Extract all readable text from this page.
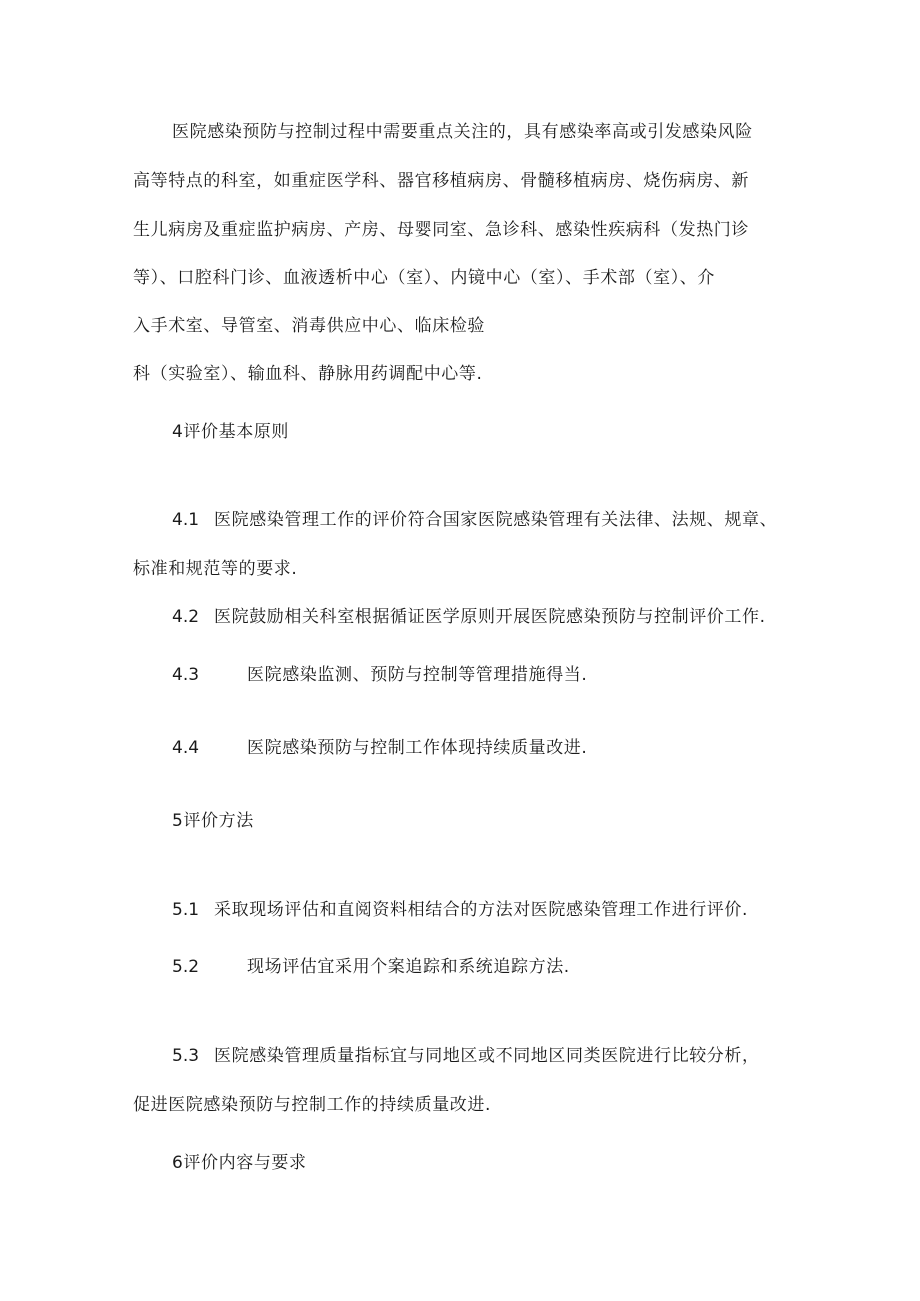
医院感染预防与控制过程中需要重点关注的，具有感染率高或引发感染风险
高等特点的科室，如重症医学科、器官移植病房、骨髓移植病房、烧伤病房、新
生儿病房及重症监护病房、产房、母婴同室、急诊科、感染性疾病科（发热门诊
等）、口腔科门诊、血液透析中心（室）、内镜中心（室）、手术部（室）、介
入手术室、导管室、消毒供应中心、临床检验
科（实验室）、输血科、静脉用药调配中心等.
4评价基本原则
4.1 医院感染管理工作的评价符合国家医院感染管理有关法律、法规、规章、
标准和规范等的要求.
4.2 医院鼓励相关科室根据循证医学原则开展医院感染预防与控制评价工作.
4.3	医院感染监测、预防与控制等管理措施得当.
4.4	医院感染预防与控制工作体现持续质量改进.
5评价方法
5.1 采取现场评估和直阅资料相结合的方法对医院感染管理工作进行评价.
5.2	现场评估宜采用个案追踪和系统追踪方法.
5.3 医院感染管理质量指标宜与同地区或不同地区同类医院进行比较分析，
促进医院感染预防与控制工作的持续质量改进.
6评价内容与要求
